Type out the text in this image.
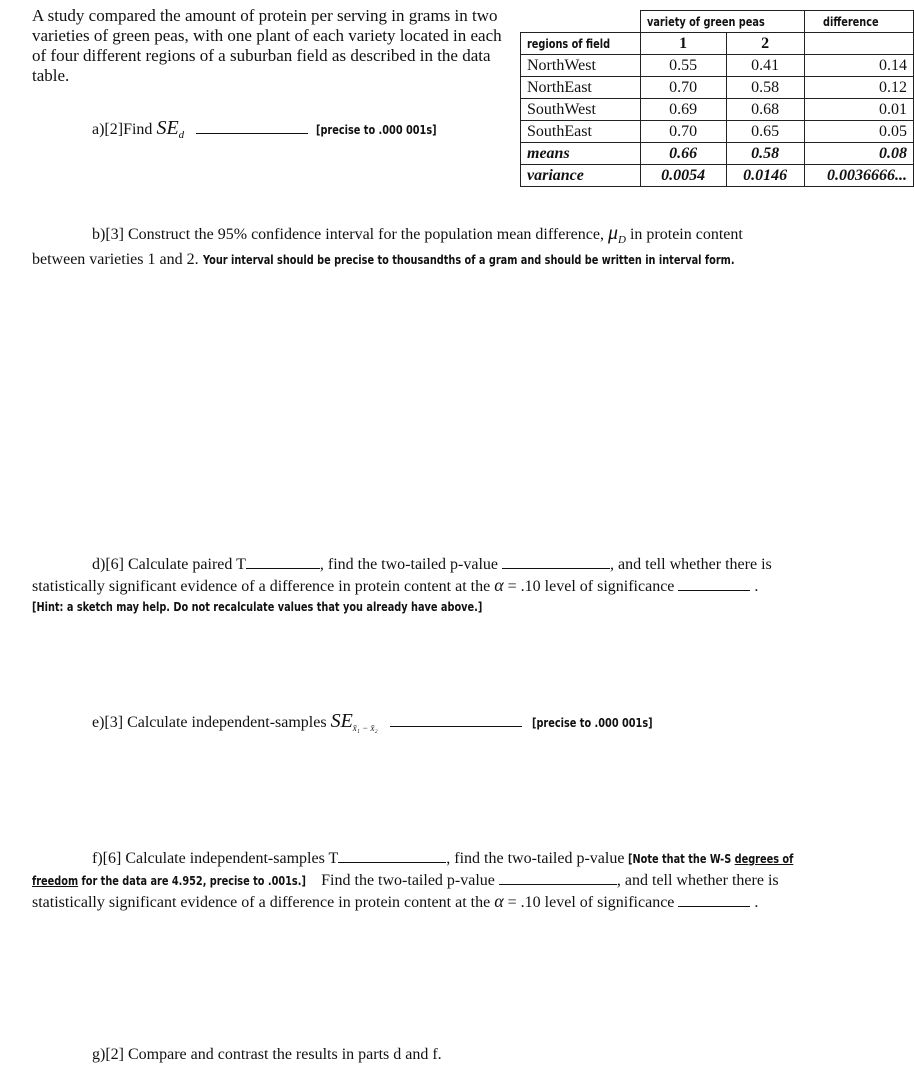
A study compared the amount of protein per serving in grams in two varieties of green peas, with one plant of each variety located in each of four different regions of a suburban field as described in the data table.
	variety of green peas		difference
regions of field	1	2	
NorthWest	0.55	0.41	0.14
NorthEast	0.70	0.58	0.12
SouthWest	0.69	0.68	0.01
SouthEast	0.70	0.65	0.05
means	0.66	0.58	0.08
variance	0.0054	0.0146	0.0036666...
a)[2]Find $SE_d$	[precise to .000 001s]
b)[3] Construct the 95% confidence interval for the population mean difference, $\mu_D$ in protein content
between varieties 1 and 2. Your interval should be precise to thousandths of a gram and should be written in interval form.
d)[6] Calculate paired T	, find the two-tailed p-value	, and tell whether there is
statistically significant evidence of a difference in protein content at the α = .10 level of significance	.
[Hint: a sketch may help. Do not recalculate values that you already have above.]
e)[3] Calculate independent-samples $SE_{x̄_1 - x̄_2}$	[precise to .000 001s]
f)[6] Calculate independent-samples T	, find the two-tailed p-value [Note that the W-S degrees of
freedom for the data are 4.952, precise to .001s.] Find the two-tailed p-value	, and tell whether there is
statistically significant evidence of a difference in protein content at the α = .10 level of significance	.
g)[2] Compare and contrast the results in parts d and f.
